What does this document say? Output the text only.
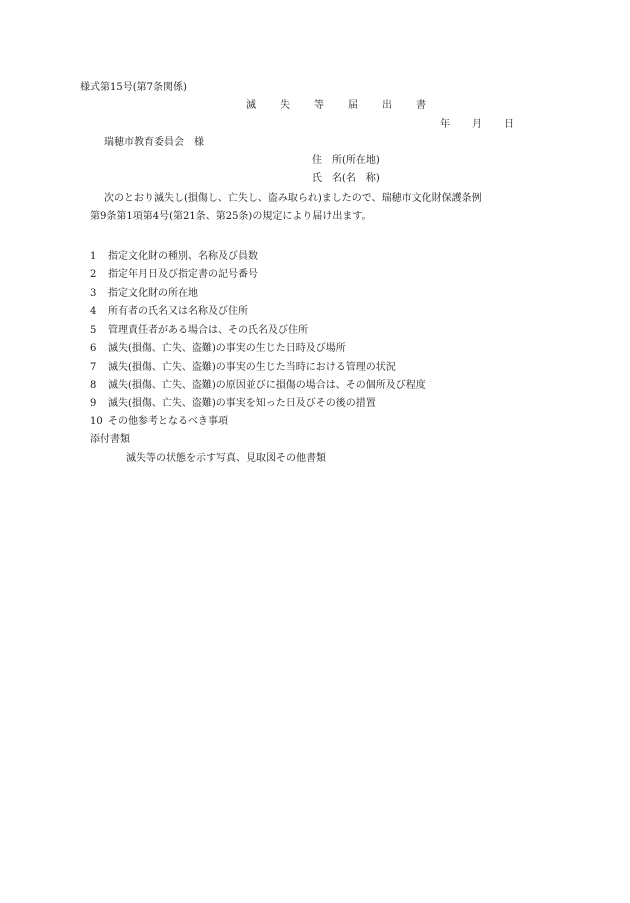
様式第15号(第7条関係)
滅 失 等 届 出 書
年 月 日
瑞穂市教育委員会　様
住　所(所在地)
氏　名(名　称)
次のとおり滅失し(損傷し、亡失し、盗み取られ)ましたので、瑞穂市文化財保護条例
第9条第1項第4号(第21条、第25条)の規定により届け出ます。
1 指定文化財の種別、名称及び員数
2 指定年月日及び指定書の記号番号
3 指定文化財の所在地
4 所有者の氏名又は名称及び住所
5 管理責任者がある場合は、その氏名及び住所
6 滅失(損傷、亡失、盗難)の事実の生じた日時及び場所
7 滅失(損傷、亡失、盗難)の事実の生じた当時における管理の状況
8 滅失(損傷、亡失、盗難)の原因並びに損傷の場合は、その個所及び程度
9 滅失(損傷、亡失、盗難)の事実を知った日及びその後の措置
10 その他参考となるべき事項
添付書類
滅失等の状態を示す写真、見取図その他書類
